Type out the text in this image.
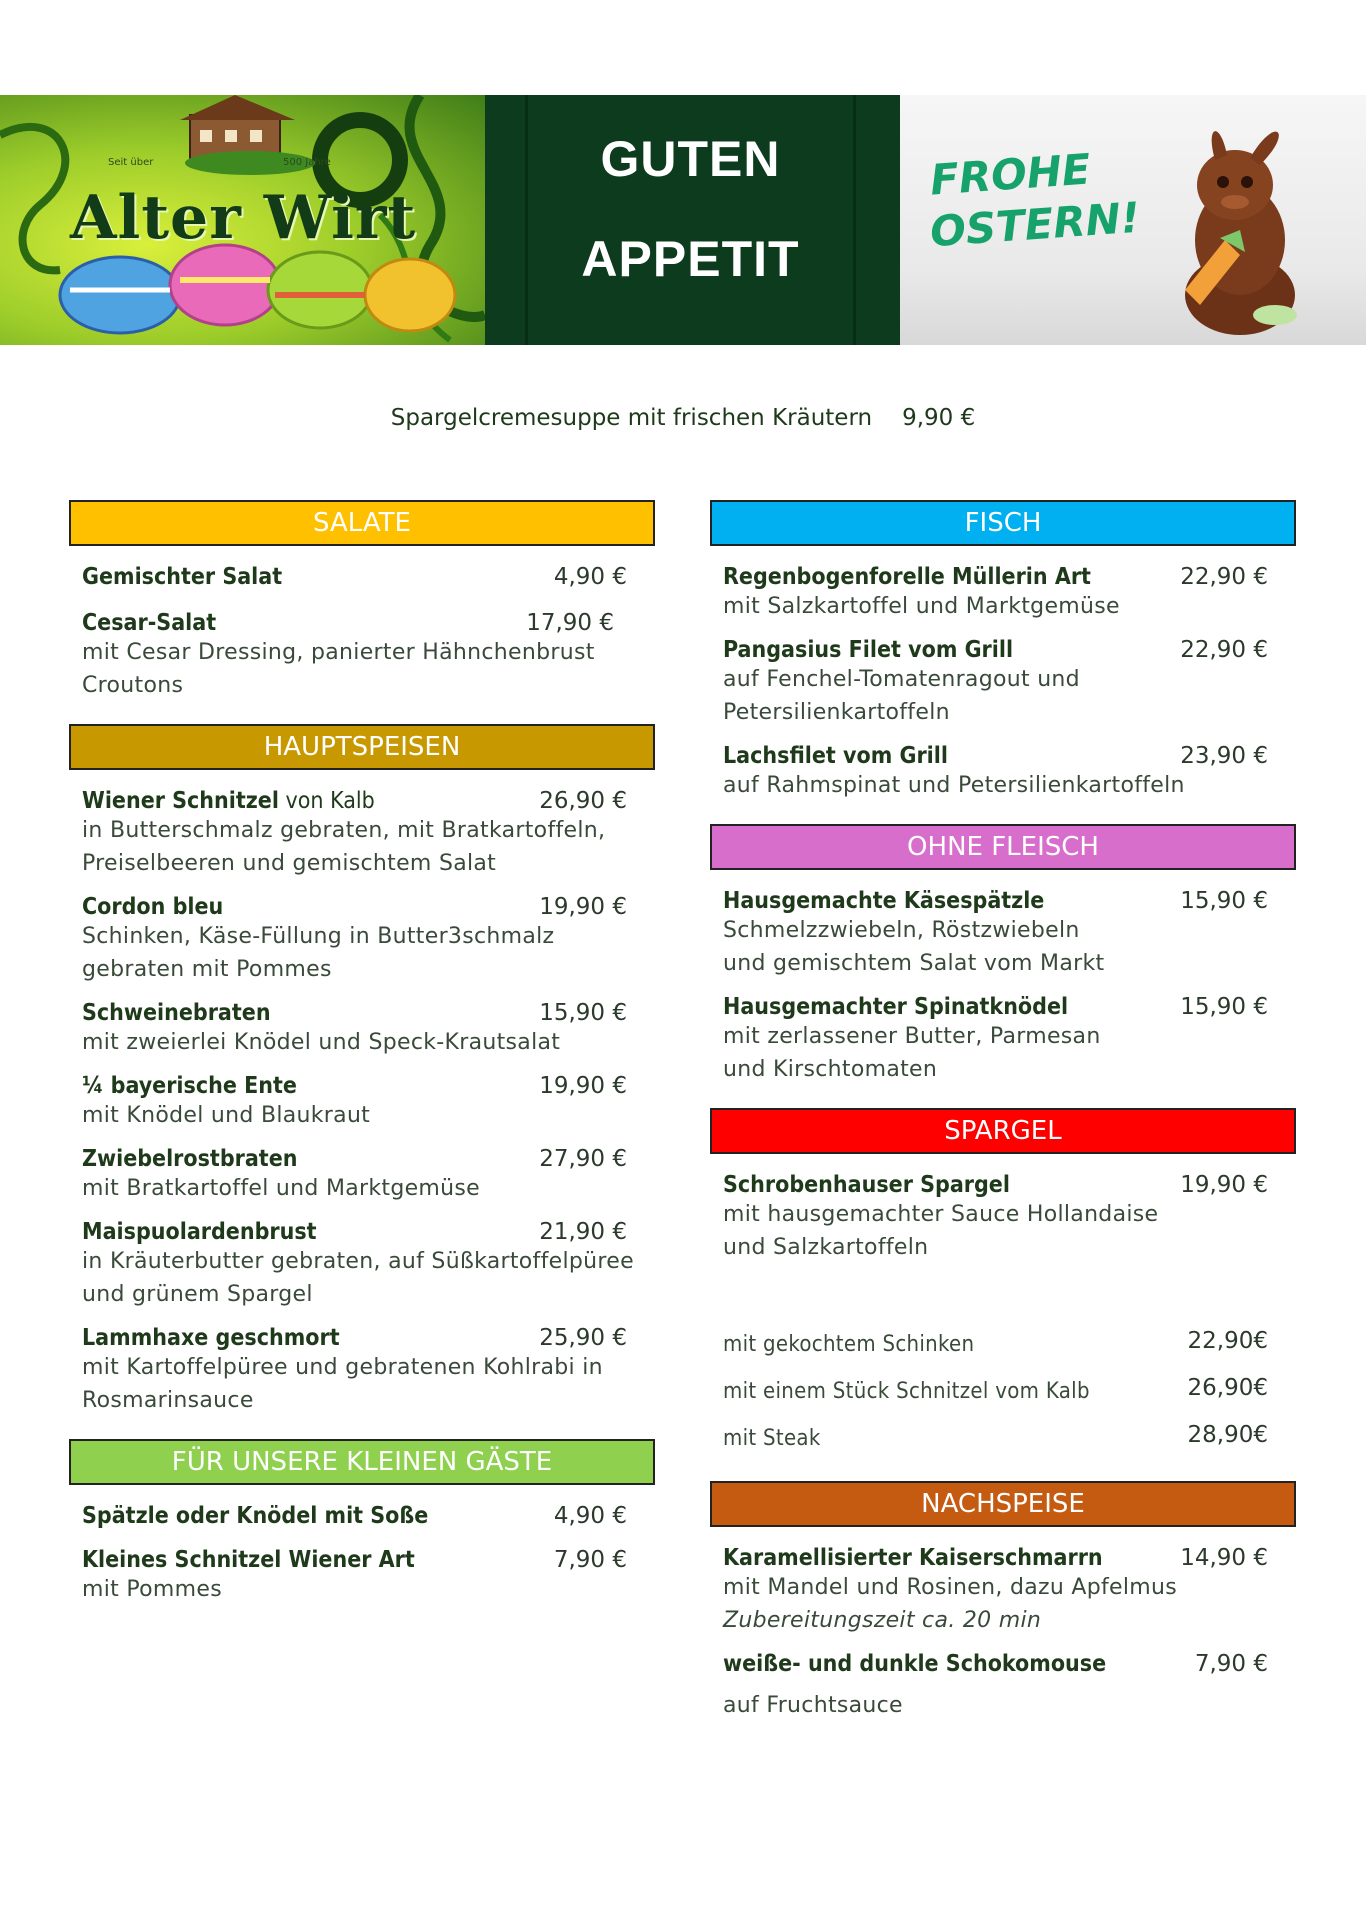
Seit über	500 Jahre
Alter Wirt
GUTEN
APPETIT
FROHE
OSTERN!
Spargelcremesuppe mit frischen Kräutern 9,90 €
SALATE
Gemischter Salat	4,90 €
Cesar-Salat	17,90 €
mit Cesar Dressing, panierter Hähnchenbrust
Croutons
HAUPTSPEISEN
Wiener Schnitzel von Kalb	26,90 €
in Butterschmalz gebraten, mit Bratkartoffeln,
Preiselbeeren und gemischtem Salat
Cordon bleu	19,90 €
Schinken, Käse-Füllung in Butter3schmalz
gebraten mit Pommes
Schweinebraten	15,90 €
mit zweierlei Knödel und Speck-Krautsalat
¼ bayerische Ente	19,90 €
mit Knödel und Blaukraut
Zwiebelrostbraten	27,90 €
mit Bratkartoffel und Marktgemüse
Maispuolardenbrust	21,90 €
in Kräuterbutter gebraten, auf Süßkartoffelpüree
und grünem Spargel
Lammhaxe geschmort	25,90 €
mit Kartoffelpüree und gebratenen Kohlrabi in
Rosmarinsauce
FÜR UNSERE KLEINEN GÄSTE
Spätzle oder Knödel mit Soße	4,90 €
Kleines Schnitzel Wiener Art	7,90 €
mit Pommes
FISCH
Regenbogenforelle Müllerin Art	22,90 €
mit Salzkartoffel und Marktgemüse
Pangasius Filet vom Grill	22,90 €
auf Fenchel-Tomatenragout und
Petersilienkartoffeln
Lachsfilet vom Grill	23,90 €
auf Rahmspinat und Petersilienkartoffeln
OHNE FLEISCH
Hausgemachte Käsespätzle	15,90 €
Schmelzzwiebeln, Röstzwiebeln
und gemischtem Salat vom Markt
Hausgemachter Spinatknödel	15,90 €
mit zerlassener Butter, Parmesan
und Kirschtomaten
SPARGEL
Schrobenhauser Spargel	19,90 €
mit hausgemachter Sauce Hollandaise
und Salzkartoffeln
mit gekochtem Schinken	22,90€
mit einem Stück Schnitzel vom Kalb	26,90€
mit Steak	28,90€
NACHSPEISE
Karamellisierter Kaiserschmarrn	14,90 €
mit Mandel und Rosinen, dazu Apfelmus
Zubereitungszeit ca. 20 min
weiße- und dunkle Schokomouse	7,90 €
auf Fruchtsauce
